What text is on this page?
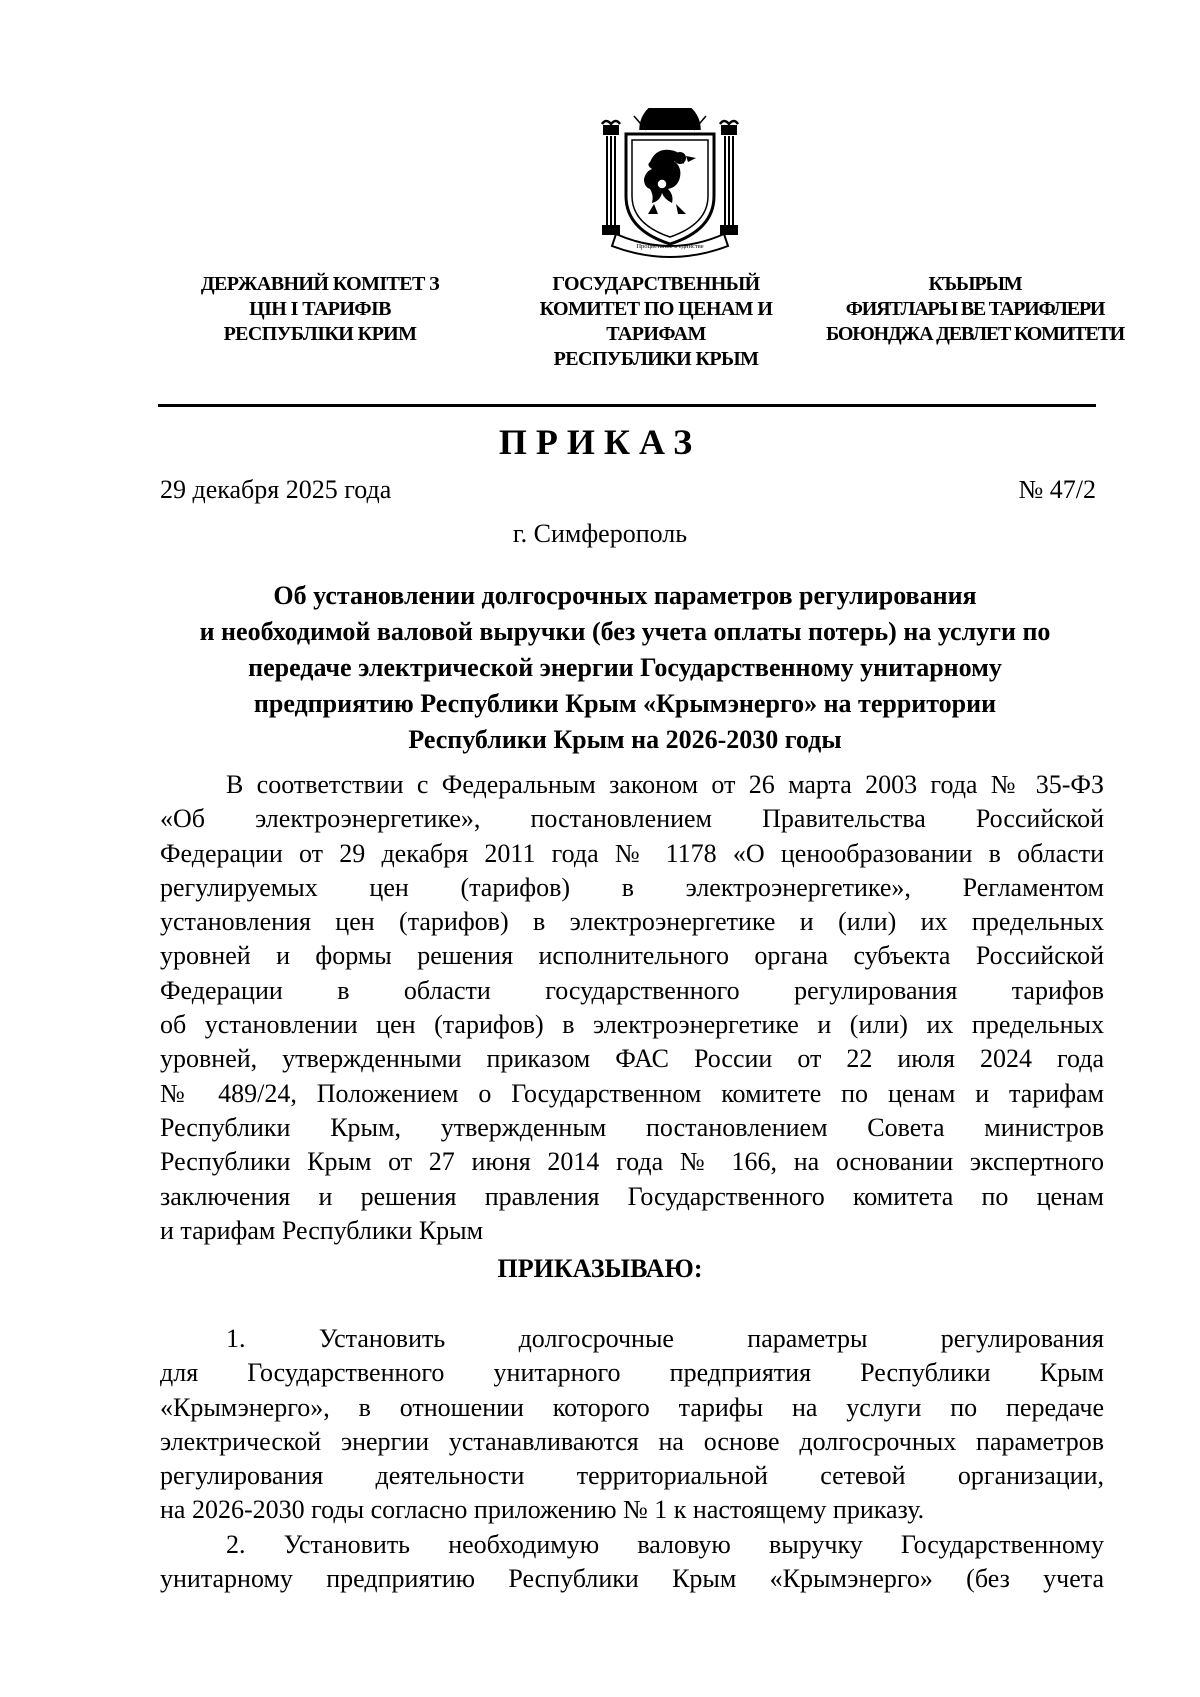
Процветание в единстве
ДЕРЖАВНИЙ КОМІТЕТ З
ЦІН І ТАРИФІВ
РЕСПУБЛІКИ КРИМ
ГОСУДАРСТВЕННЫЙ
КОМИТЕТ ПО ЦЕНАМ И
ТАРИФАМ
РЕСПУБЛИКИ КРЫМ
КЪЫРЫМ
ФИЯТЛАРЫ ВЕ ТАРИФЛЕРИ
БОЮНДЖА ДЕВЛЕТ КОМИТЕТИ
ПРИКАЗ
29 декабря 2025 года	№ 47/2
г. Симферополь
Об установлении долгосрочных параметров регулирования
и необходимой валовой выручки (без учета оплаты потерь) на услуги по
передаче электрической энергии Государственному унитарному
предприятию Республики Крым «Крымэнерго» на территории
Республики Крым на 2026-2030 годы
В соответствии с Федеральным законом от 26 марта 2003 года № 35-ФЗ
«Об электроэнергетике», постановлением Правительства Российской
Федерации от 29 декабря 2011 года № 1178 «О ценообразовании в области
регулируемых цен (тарифов) в электроэнергетике», Регламентом
установления цен (тарифов) в электроэнергетике и (или) их предельных
уровней и формы решения исполнительного органа субъекта Российской
Федерации в области государственного регулирования тарифов
об установлении цен (тарифов) в электроэнергетике и (или) их предельных
уровней, утвержденными приказом ФАС России от 22 июля 2024 года
№ 489/24, Положением о Государственном комитете по ценам и тарифам
Республики Крым, утвержденным постановлением Совета министров
Республики Крым от 27 июня 2014 года № 166, на основании экспертного
заключения и решения правления Государственного комитета по ценам
и тарифам Республики Крым
ПРИКАЗЫВАЮ:
1. Установить долгосрочные параметры регулирования
для Государственного унитарного предприятия Республики Крым
«Крымэнерго», в отношении которого тарифы на услуги по передаче
электрической энергии устанавливаются на основе долгосрочных параметров
регулирования деятельности территориальной сетевой организации,
на 2026-2030 годы согласно приложению № 1 к настоящему приказу.
2. Установить необходимую валовую выручку Государственному
унитарному предприятию Республики Крым «Крымэнерго» (без учета
